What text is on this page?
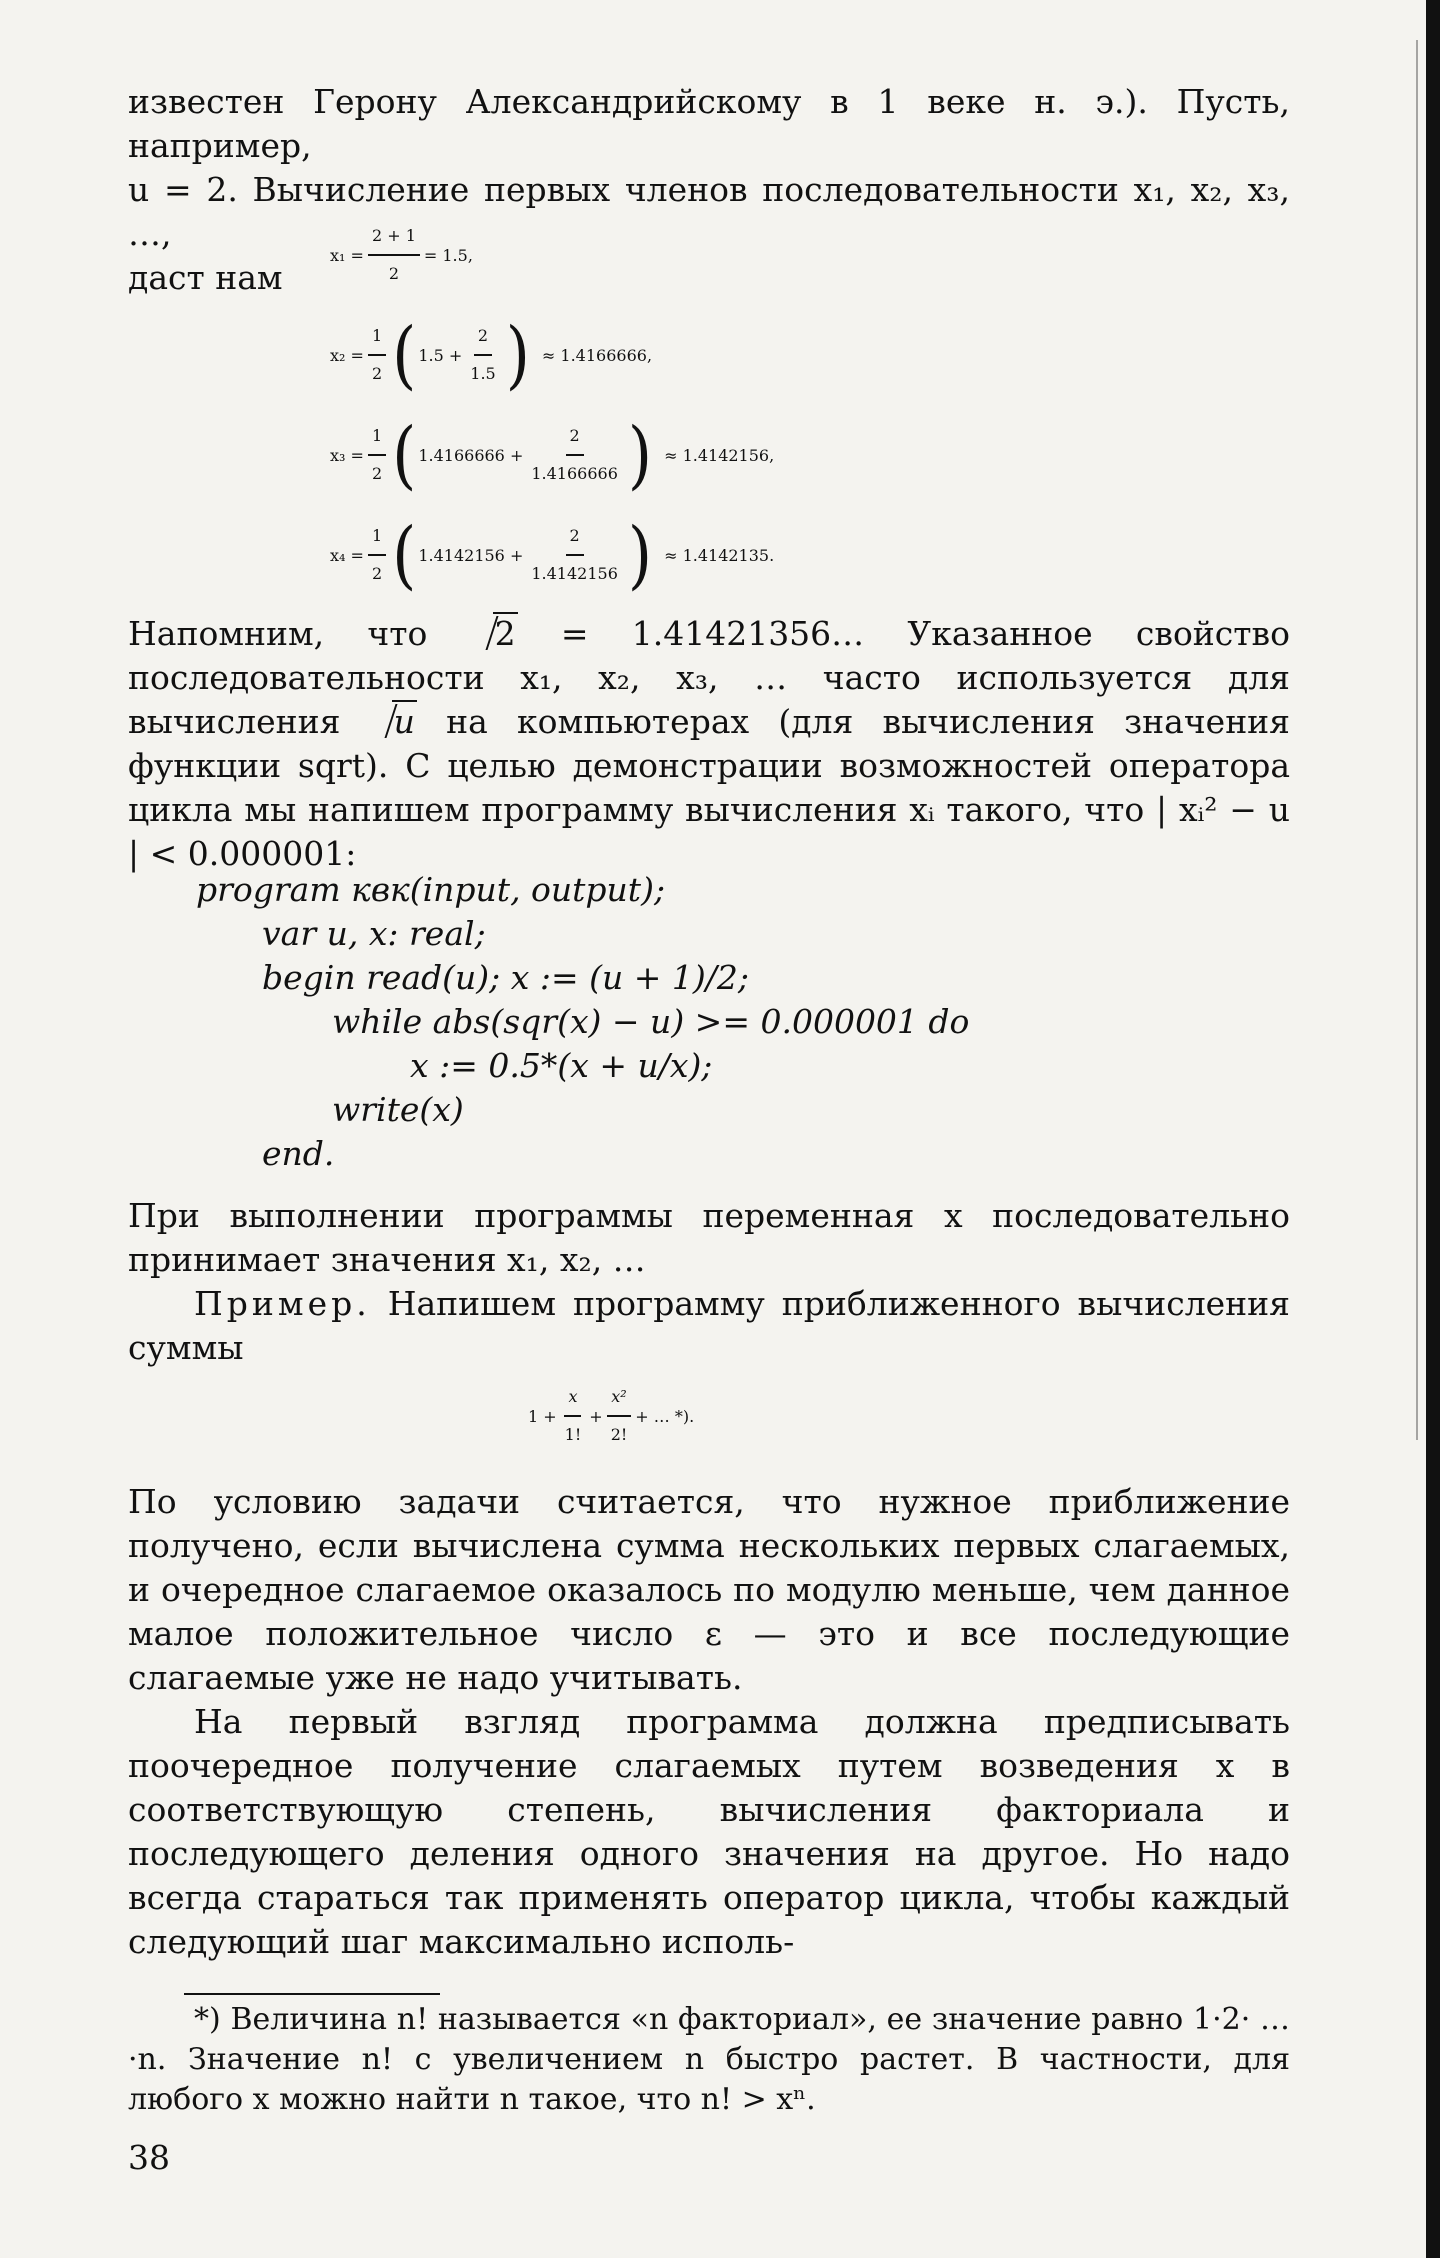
известен Герону Александрийскому в 1 веке н. э.). Пусть, например,
u = 2. Вычисление первых членов последовательности x₁, x₂, x₃, …,
даст нам
$x_1 = \frac{2 + 1}{2} = 1.5$,
$x_2 = \frac{1}{2}$ ( $1.5 + \frac{2}{1.5}$ ) ≈ 1.4166666,
$x_3 = \frac{1}{2}$ ( $1.4166666 + \frac{2}{1.4166666}$ ) ≈ 1.4142156,
$x_4 = \frac{1}{2}$ ( $1.4142156 + \frac{2}{1.4142156}$ ) ≈ 1.4142135.

Напомним, что 2 = 1.41421356… Указанное свойство последовательности x₁, x₂, x₃, … часто используется для вычисления u на компьютерах (для вычисления значения функции sqrt). С целью демонстрации возможностей оператора цикла мы напишем программу вычисления xᵢ такого, что | xᵢ² − u | < 0.000001:

program квк(input, output);
var u, x: real;
begin read(u); x := (u + 1)/2;
while abs(sqr(x) − u) >= 0.000001 do
x := 0.5*(x + u/x);
write(x)
end.

При выполнении программы переменная x последовательно принимает значения x₁, x₂, …

Пример. Напишем программу приближенного вычисления суммы

$1 + \frac{x}{1!} + \frac{\text{x²}}{2!}$ + … *).

По условию задачи считается, что нужное приближение получено, если вычислена сумма нескольких первых слагаемых, и очередное слагаемое оказалось по модулю меньше, чем данное малое положительное число ε — это и все последующие слагаемые уже не надо учитывать.

На первый взгляд программа должна предписывать поочередное получение слагаемых путем возведения x в соответствующую степень, вычисления факториала и последующего деления одного значения на другое. Но надо всегда стараться так применять оператор цикла, чтобы каждый следующий шаг максимально исполь-

*) Величина n! называется «n факториал», ее значение равно 1·2· … ·n. Значение n! с увеличением n быстро растет. В частности, для любого x можно найти n такое, что n! > xⁿ.

38
